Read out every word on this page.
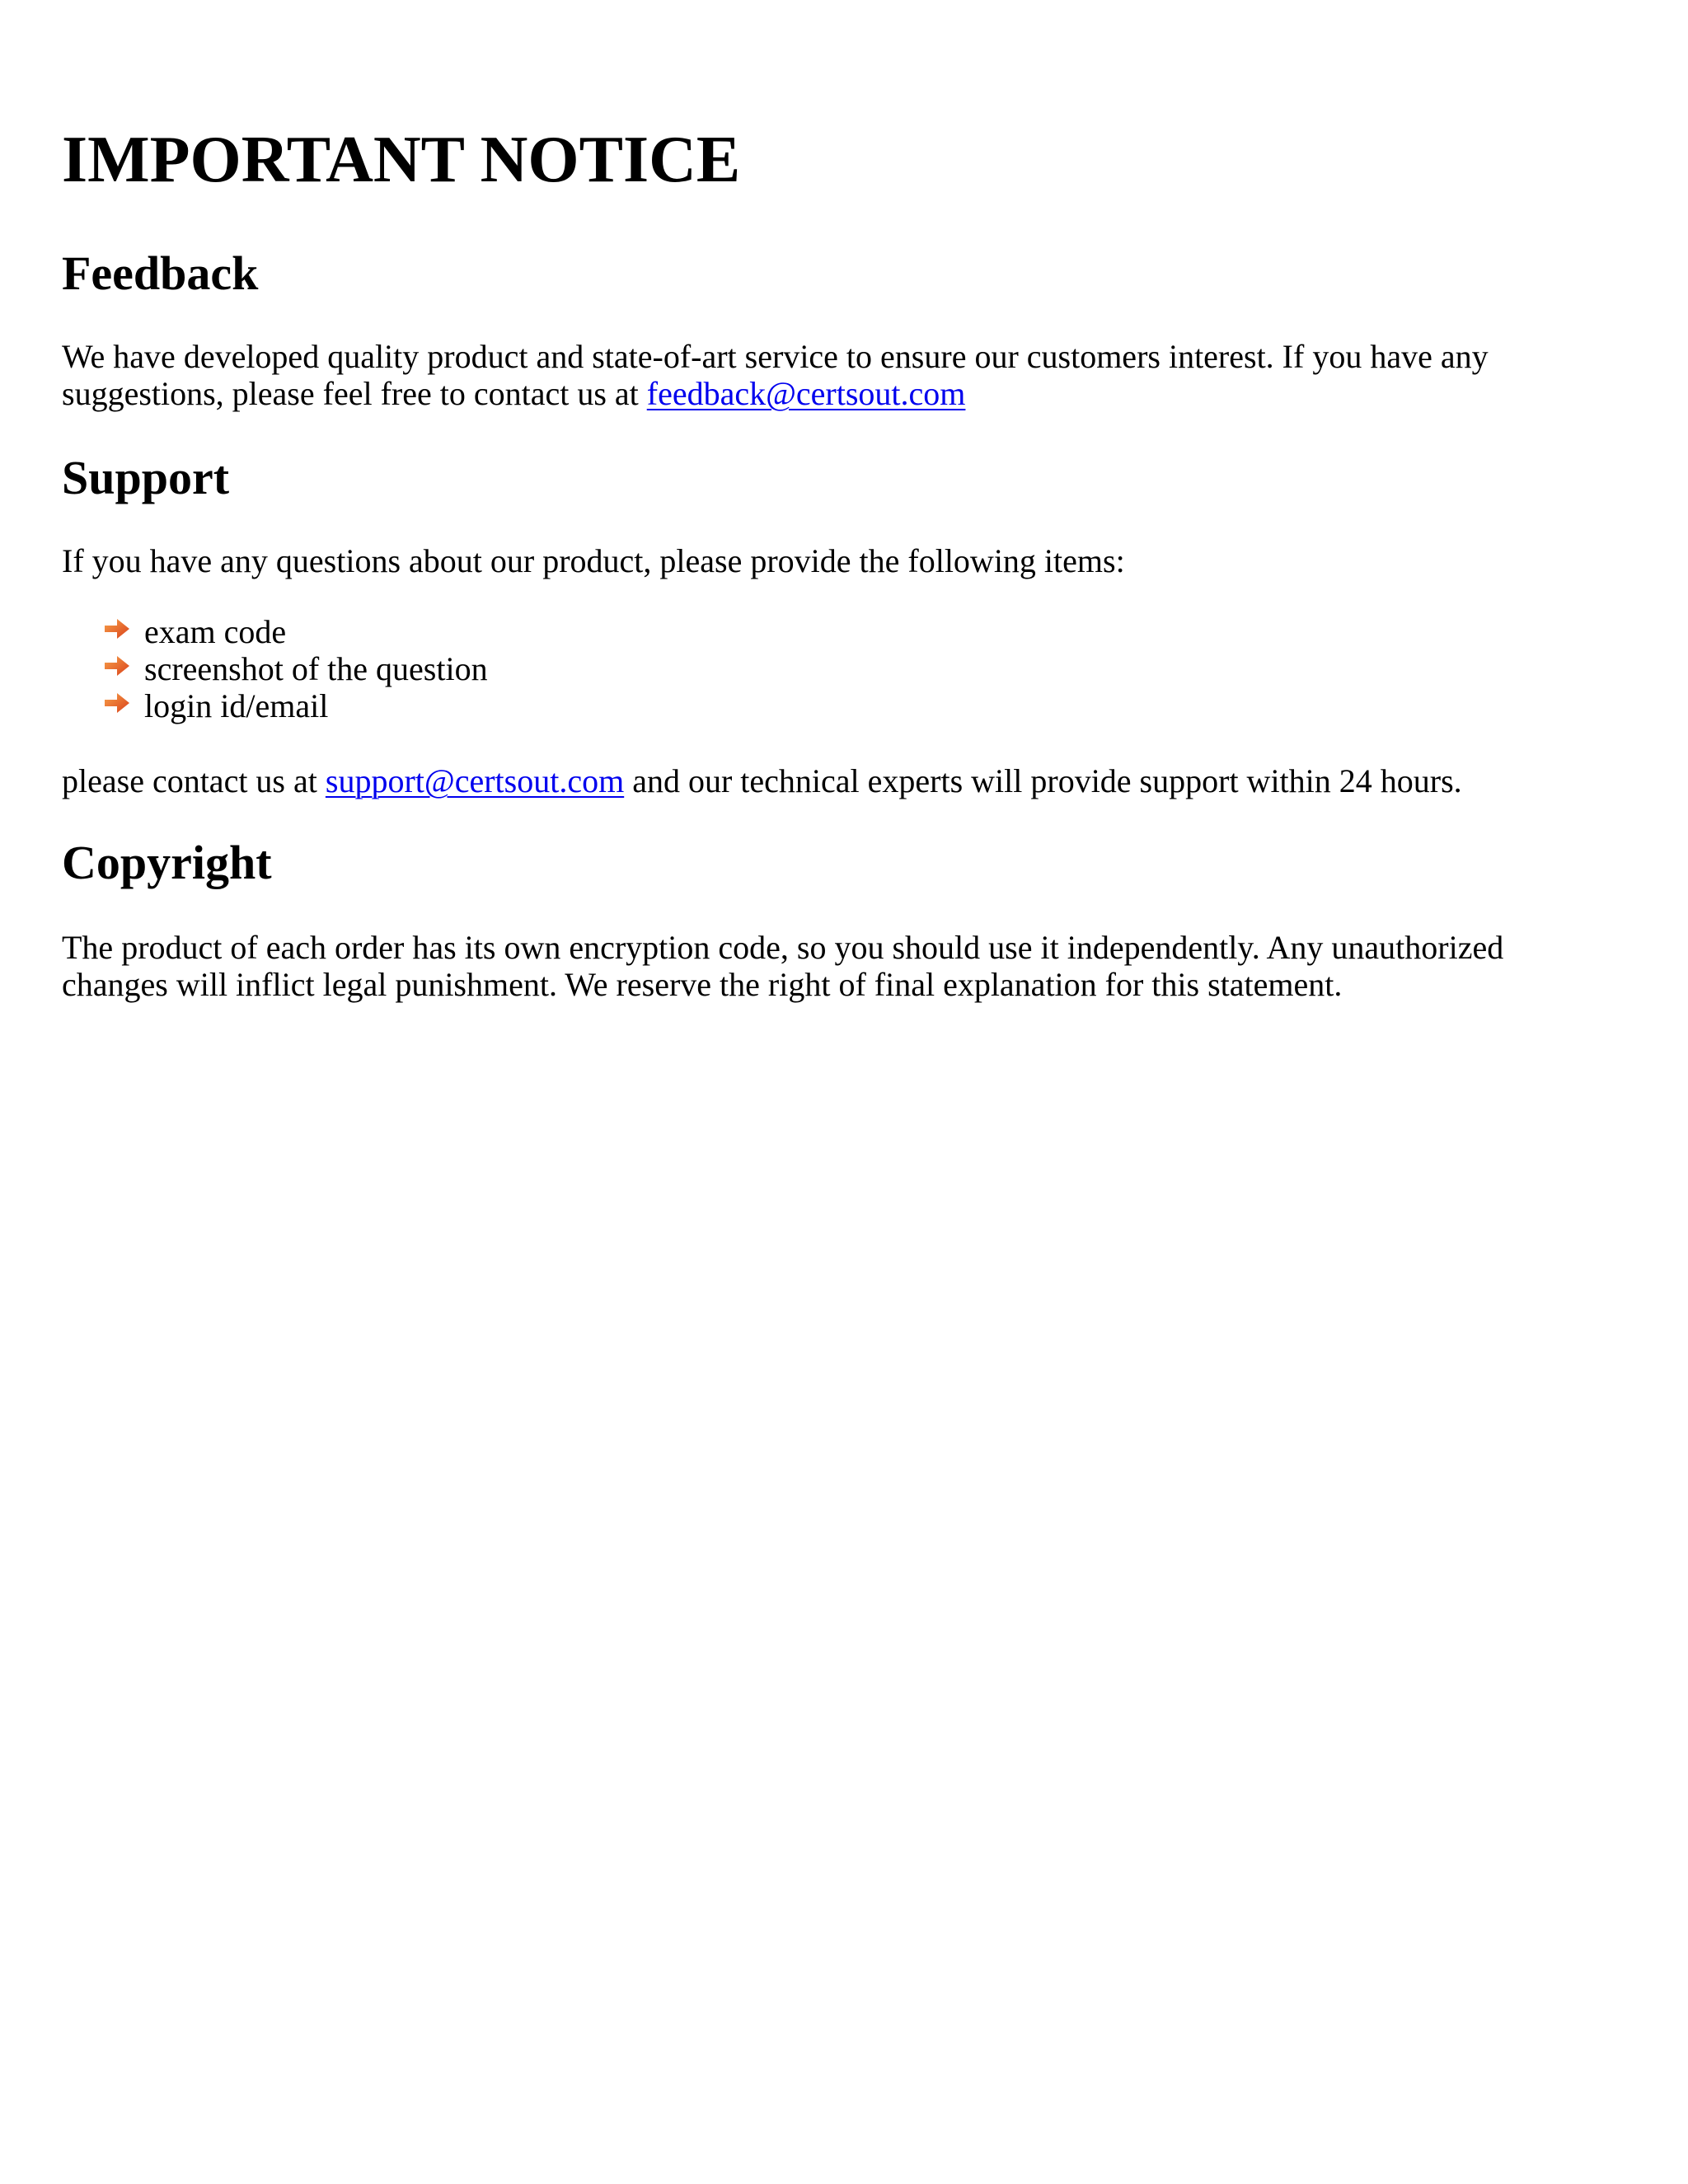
IMPORTANT NOTICE
Feedback

We have developed quality product and state-of-art service to ensure our customers interest. If you have any suggestions, please feel free to contact us at feedback@certsout.com

Support

If you have any questions about our product, please provide the following items:

exam code
screenshot of the question
login id/email

please contact us at support@certsout.com and our technical experts will provide support within 24 hours.

Copyright

The product of each order has its own encryption code, so you should use it independently. Any unauthorized changes will inflict legal punishment. We reserve the right of final explanation for this statement.
